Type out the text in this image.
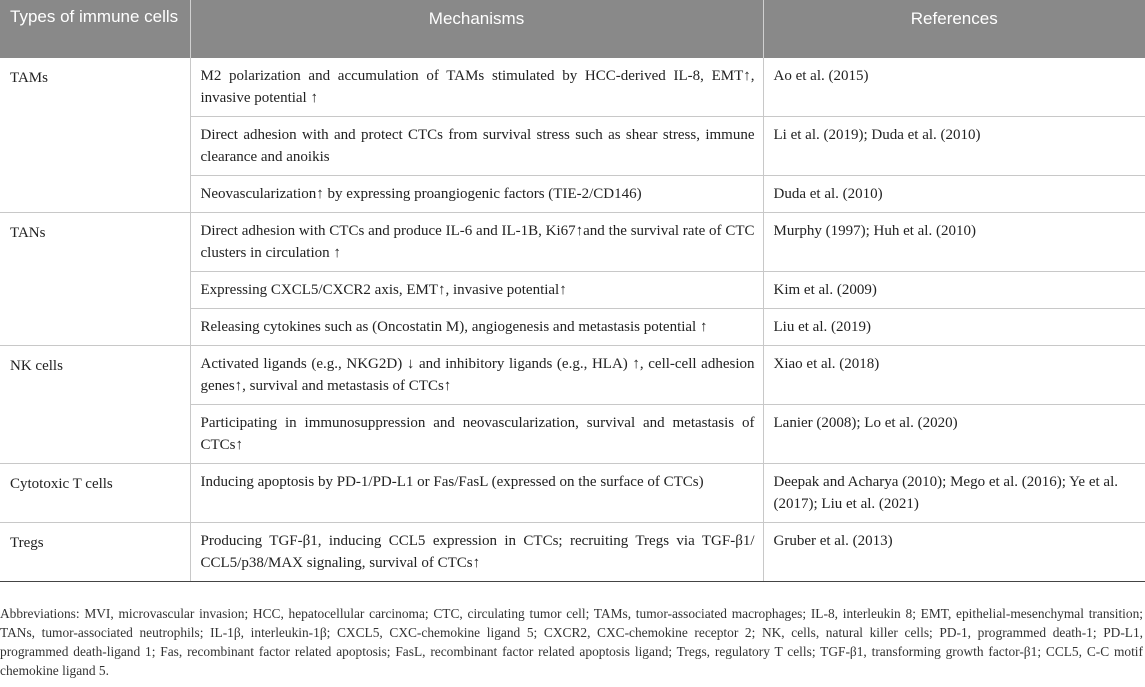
Types of immune cells	Mechanisms	References
TAMs	M2 polarization and accumulation of TAMs stimulated by HCC-derived IL-8, EMT↑, invasive potential ↑	Ao et al. (2015)
	Direct adhesion with and protect CTCs from survival stress such as shear stress, immune clearance and anoikis	Li et al. (2019); Duda et al. (2010)
	Neovascularization↑ by expressing proangiogenic factors (TIE-2/CD146)	Duda et al. (2010)
TANs	Direct adhesion with CTCs and produce IL-6 and IL-1B, Ki67↑and the survival rate of CTC clusters in circulation ↑	Murphy (1997); Huh et al. (2010)
	Expressing CXCL5/CXCR2 axis, EMT↑, invasive potential↑	Kim et al. (2009)
	Releasing cytokines such as (Oncostatin M), angiogenesis and metastasis potential ↑	Liu et al. (2019)
NK cells	Activated ligands (e.g., NKG2D) ↓ and inhibitory ligands (e.g., HLA) ↑, cell-cell adhesion genes↑, survival and metastasis of CTCs↑	Xiao et al. (2018)
	Participating in immunosuppression and neovascularization, survival and metastasis of CTCs↑	Lanier (2008); Lo et al. (2020)
Cytotoxic T cells	Inducing apoptosis by PD-1/PD-L1 or Fas/FasL (expressed on the surface of CTCs)	Deepak and Acharya (2010); Mego et al. (2016); Ye et al. (2017); Liu et al. (2021)
Tregs	Producing TGF-β1, inducing CCL5 expression in CTCs; recruiting Tregs via TGF-β1/ CCL5/p38/MAX signaling, survival of CTCs↑	Gruber et al. (2013)
Abbreviations: MVI, microvascular invasion; HCC, hepatocellular carcinoma; CTC, circulating tumor cell; TAMs, tumor-associated macrophages; IL-8, interleukin 8; EMT, epithelial-mesenchymal transition; TANs, tumor-associated neutrophils; IL-1β, interleukin-1β; CXCL5, CXC-chemokine ligand 5; CXCR2, CXC-chemokine receptor 2; NK, cells, natural killer cells; PD-1, programmed death-1; PD-L1, programmed death-ligand 1; Fas, recombinant factor related apoptosis; FasL, recombinant factor related apoptosis ligand; Tregs, regulatory T cells; TGF-β1, transforming growth factor-β1; CCL5, C-C motif chemokine ligand 5.
